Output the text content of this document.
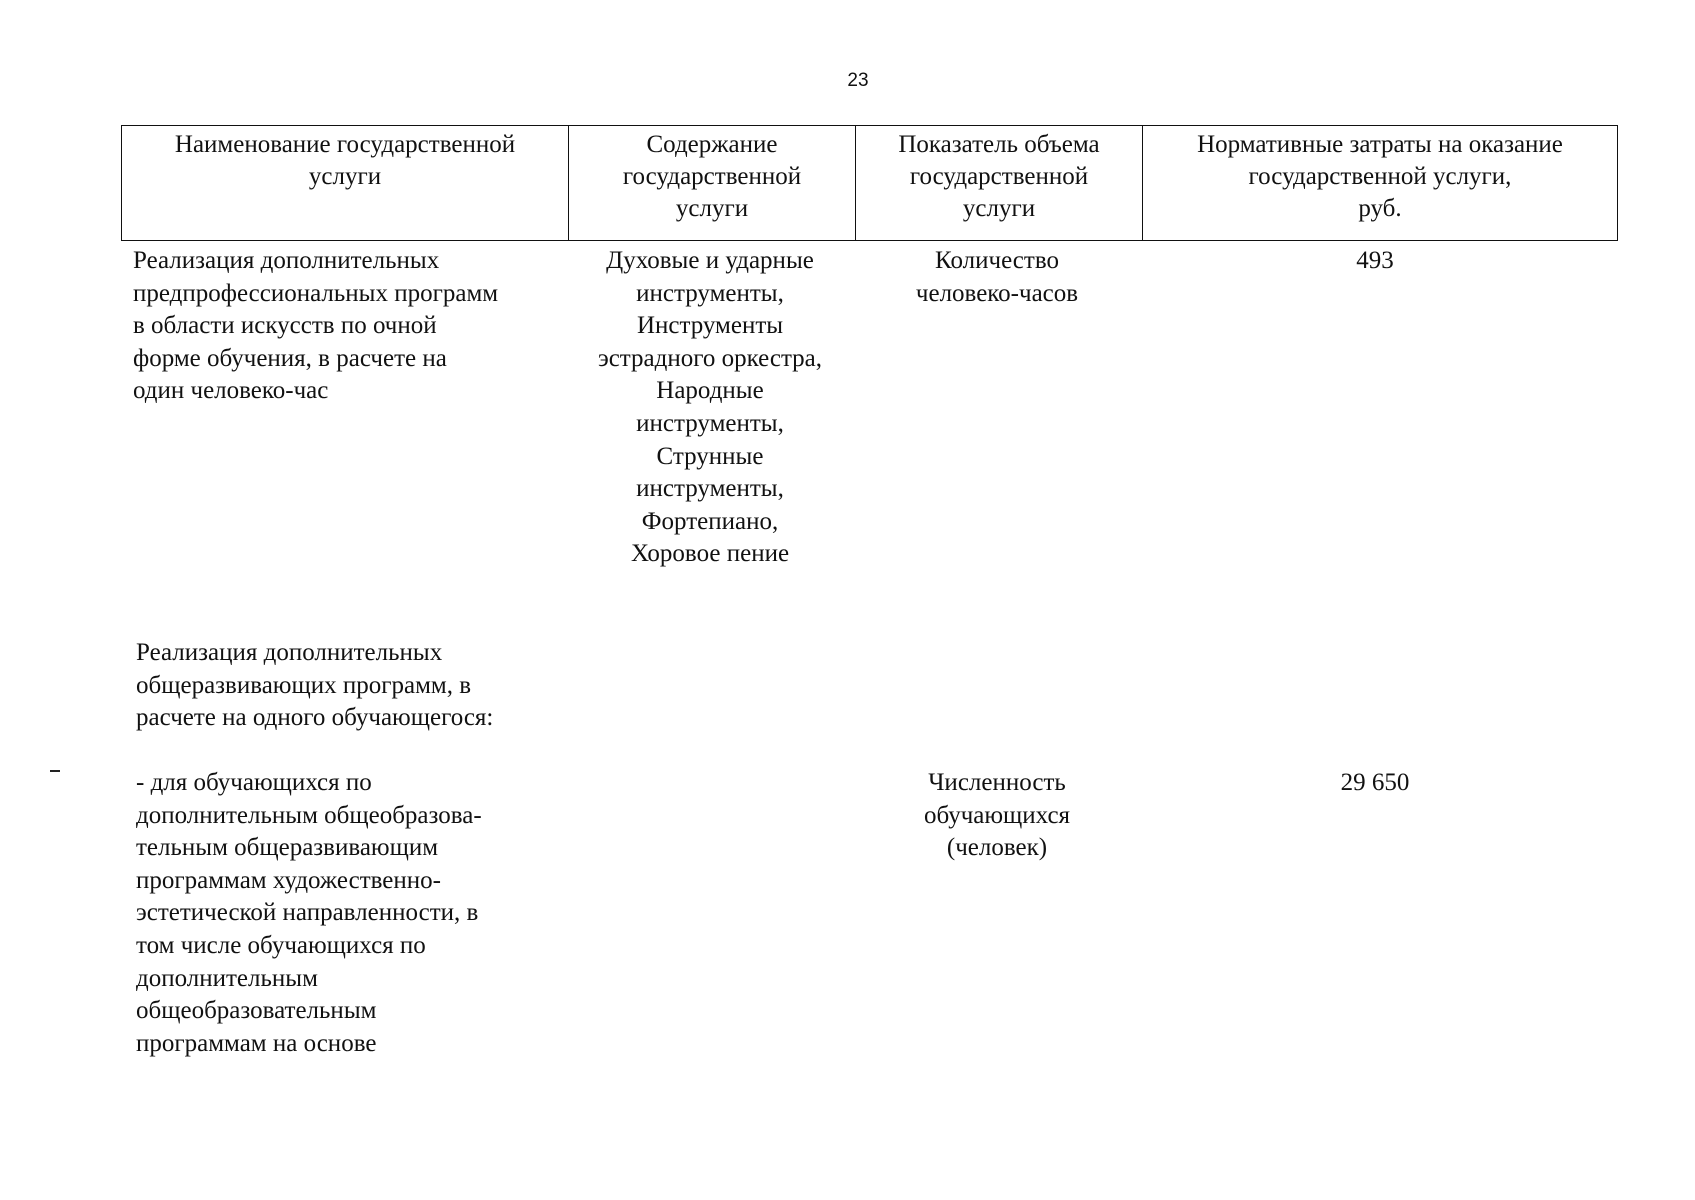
23
Наименование государственной
услуги
Содержание
государственной
услуги
Показатель объема
государственной
услуги
Нормативные затраты на оказание
государственной услуги,
руб.
Реализация дополнительных
предпрофессиональных программ
в области искусств по очной
форме обучения, в расчете на
один человеко-час
Духовые и ударные
инструменты,
Инструменты
эстрадного оркестра,
Народные
инструменты,
Струнные
инструменты,
Фортепиано,
Хоровое пение
Количество
человеко-часов
493
Реализация дополнительных
общеразвивающих программ, в
расчете на одного обучающегося:
- для обучающихся по
дополнительным общеобразова-
тельным общеразвивающим
программам художественно-
эстетической направленности, в
том числе обучающихся по
дополнительным
общеобразовательным
программам на основе
Численность
обучающихся
(человек)
29 650
